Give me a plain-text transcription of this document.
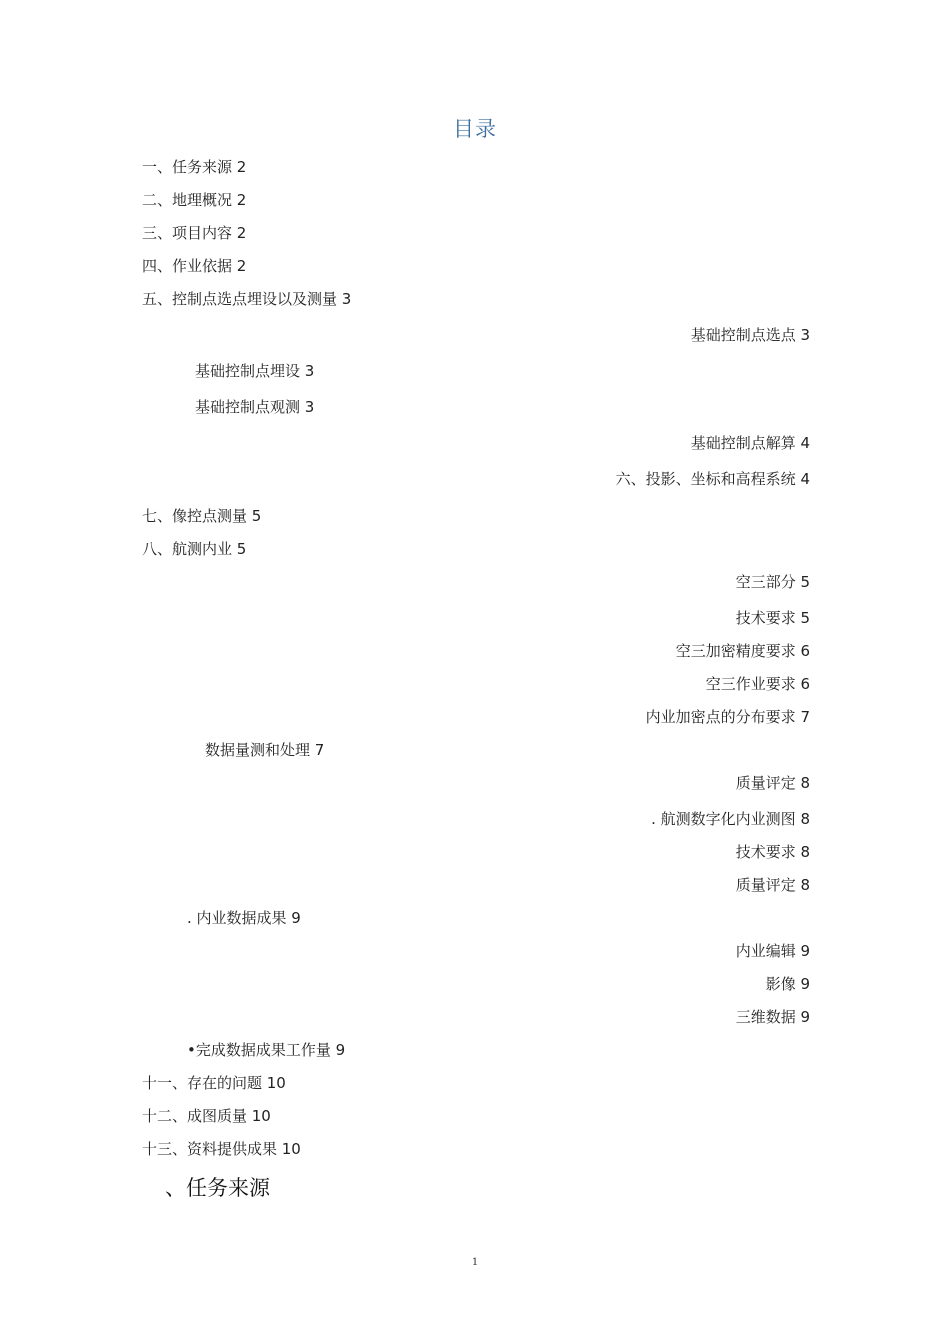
目录
一、任务来源 2
二、地理概况 2
三、项目内容 2
四、作业依据 2
五、控制点选点埋设以及测量 3
基础控制点选点 3
基础控制点埋设 3
基础控制点观测 3
基础控制点解算 4
六、投影、坐标和高程系统 4
七、像控点测量 5
八、航测内业 5
空三部分 5
技术要求 5
空三加密精度要求 6
空三作业要求 6
内业加密点的分布要求 7
数据量测和处理 7
质量评定 8
. 航测数字化内业测图 8
技术要求 8
质量评定 8
. 内业数据成果 9
内业编辑 9
影像 9
三维数据 9
•完成数据成果工作量 9
十一、存在的问题 10
十二、成图质量 10
十三、资料提供成果 10
、任务来源
1
